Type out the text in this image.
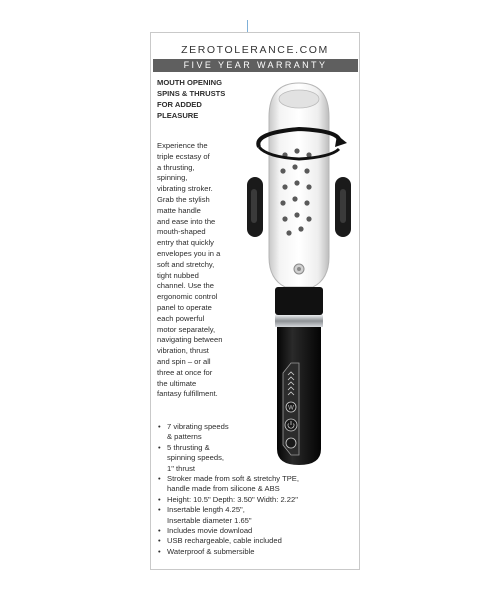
ZEROTOLERANCE.COM
FIVE YEAR WARRANTY
MOUTH OPENING
SPINS & THRUSTS
FOR ADDED
PLEASURE
W
Experience the
triple ecstasy of
a thrusting,
spinning,
vibrating stroker.
Grab the stylish
matte handle
and ease into the
mouth-shaped
entry that quickly
envelopes you in a
soft and stretchy,
tight nubbed
channel. Use the
ergonomic control
panel to operate
each powerful
motor separately,
navigating between
vibration, thrust
and spin – or all
three at once for
the ultimate
fantasy fulfillment.
• 7 vibrating speeds
& patterns
• 5 thrusting &
spinning speeds,
1" thrust
• Stroker made from soft & stretchy TPE,
handle made from silicone & ABS
• Height: 10.5" Depth: 3.50" Width: 2.22"
• Insertable length 4.25",
Insertable diameter 1.65"
• Includes movie download
• USB rechargeable, cable included
• Waterproof & submersible
